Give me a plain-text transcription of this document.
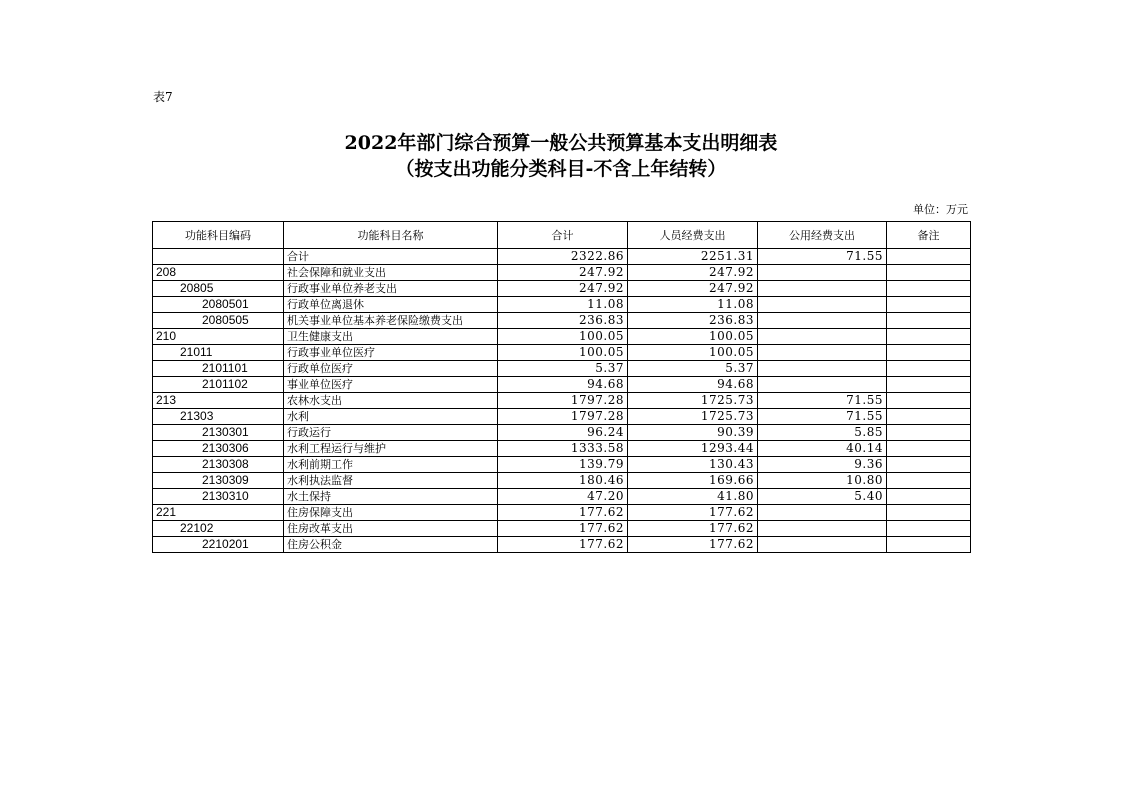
表7
2022年部门综合预算一般公共预算基本支出明细表
（按支出功能分类科目-不含上年结转）
单位：万元
功能科目编码	功能科目名称	合计	人员经费支出	公用经费支出	备注
	合计	2322.86	2251.31	71.55	
208	社会保障和就业支出	247.92	247.92		
20805	行政事业单位养老支出	247.92	247.92		
2080501	行政单位离退休	11.08	11.08		
2080505	机关事业单位基本养老保险缴费支出	236.83	236.83		
210	卫生健康支出	100.05	100.05		
21011	行政事业单位医疗	100.05	100.05		
2101101	行政单位医疗	5.37	5.37		
2101102	事业单位医疗	94.68	94.68		
213	农林水支出	1797.28	1725.73	71.55	
21303	水利	1797.28	1725.73	71.55	
2130301	行政运行	96.24	90.39	5.85	
2130306	水利工程运行与维护	1333.58	1293.44	40.14	
2130308	水利前期工作	139.79	130.43	9.36	
2130309	水利执法监督	180.46	169.66	10.80	
2130310	水土保持	47.20	41.80	5.40	
221	住房保障支出	177.62	177.62		
22102	住房改革支出	177.62	177.62		
2210201	住房公积金	177.62	177.62		
